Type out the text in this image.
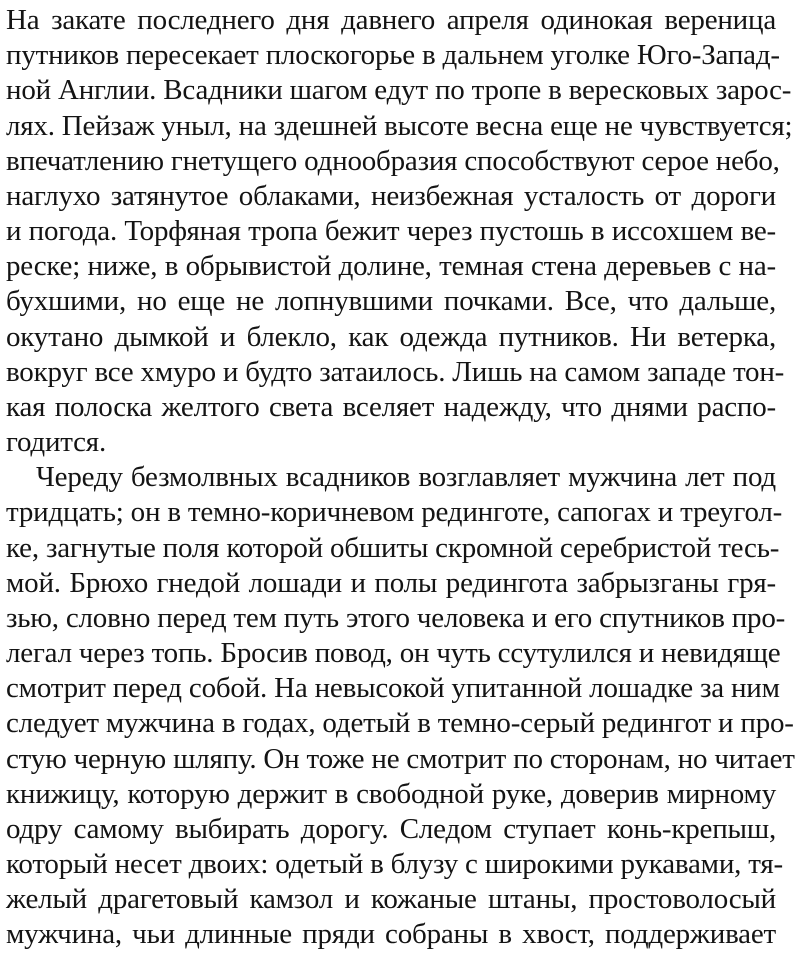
На закате последнего дня давнего апреля одинокая вереница

путников пересекает плоскогорье в дальнем уголке Юго-Запад-

ной Англии. Всадники шагом едут по тропе в вересковых зарос-

лях. Пейзаж уныл, на здешней высоте весна еще не чувствуется;

впечатлению гнетущего однообразия способствуют серое небо,

наглухо затянутое облаками, неизбежная усталость от дороги

и погода. Торфяная тропа бежит через пустошь в иссохшем ве-

реске; ниже, в обрывистой долине, темная стена деревьев с на-

бухшими, но еще не лопнувшими почками. Все, что дальше,

окутано дымкой и блекло, как одежда путников. Ни ветерка,

вокруг все хмуро и будто затаилось. Лишь на самом западе тон-

кая полоска желтого света вселяет надежду, что днями распо-

годится.

Череду безмолвных всадников возглавляет мужчина лет под

тридцать; он в темно-коричневом рединготе, сапогах и треугол-

ке, загнутые поля которой обшиты скромной серебристой тесь-

мой. Брюхо гнедой лошади и полы редингота забрызганы гря-

зью, словно перед тем путь этого человека и его спутников про-

легал через топь. Бросив повод, он чуть ссутулился и невидяще

смотрит перед собой. На невысокой упитанной лошадке за ним

следует мужчина в годах, одетый в темно-серый редингот и про-

стую черную шляпу. Он тоже не смотрит по сторонам, но читает

книжицу, которую держит в свободной руке, доверив мирному

одру самому выбирать дорогу. Следом ступает конь-крепыш,

который несет двоих: одетый в блузу с широкими рукавами, тя-

желый драгетовый камзол и кожаные штаны, простоволосый

мужчина, чьи длинные пряди собраны в хвост, поддерживает
